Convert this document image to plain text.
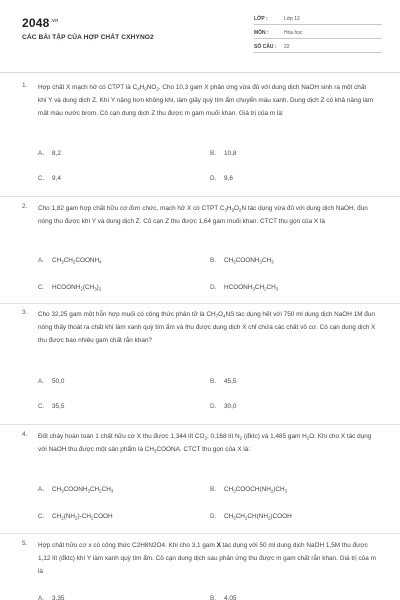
$2048^{.vn}$
CÁC BÀI TẬP CỦA HỢP CHẤT CXHYNO2
LỚP :	Lớp 12
MÔN :	Hóa học
SỐ CÂU : 22
1. Hợp chất X mạch hở có CTPT là $C_4H_9NO_2$. Cho 10,3 gam X phản ứng vừa đủ với dung dịch NaOH sinh ra một chất khí Y và dung dịch Z. Khí Y nặng hơn không khí, làm giấy quỳ tím ẩm chuyển màu xanh. Dung dịch Z có khả năng làm mất màu nước brom. Cô cạn dung dịch Z thu được m gam muối khan. Giá trị của m là:
A. 8,2	B. 10,8
C. 9,4	D. 9,6
2. Cho 1,82 gam hợp chất hữu cơ đơn chức, mạch hở X có CTPT $C_3H_9O_2N$ tác dụng vừa đủ với dung dịch NaOH, đun nóng thu được khí Y và dung dịch Z. Cô cạn Z thu được 1,64 gam muối khan. CTCT thu gọn của X là
A. $CH_3CH_2COONH_4$	B. $CH_3COONH_3CH_3$
C. $HCOONH_2(CH_3)_2$	D. $HCOONH_3CH_2CH_3$
3. Cho 32,25 gam một hỗn hợp muối có công thức phân tử là $CH_7O_4NS$ tác dụng hết với 750 ml dung dịch NaOH 1M đun nóng thấy thoát ra chất khí làm xanh quỳ tím ẩm và thu được dung dịch X chỉ chứa các chất vô cơ. Cô cạn dung dịch X thu được bao nhiêu gam chất rắn khan?
A. 50,0	B. 45,5
C. 35,5	D. 30,0
4. Đốt cháy hoàn toàn 1 chất hữu cơ X thu được 1,344 lít $CO_2$; 0,168 lít $N_2$ (đktc) và 1,485 gam $H_2O$. Khi cho X tác dụng với NaOH thu được một sản phẩm là $CH_3COONA$. CTCT thu gọn của X là:
A. $CH_3COONH_3CH_2CH_3$	B. $CH_3COOCH(NH_2)CH_3$
C. $CH_2(NH_2)-CH_2COOH$	D. $CH_3CH_2CH(NH_2)COOH$
5. Hợp chất hữu cơ x có công thức C2H8N2O4. Khi cho 3,1 gam X tác dụng với 50 ml dung dịch NaOH 1,5M thu được 1,12 lít (đktc) khí Y làm xanh quỳ tím ẩm. Cô cạn dung dịch sau phản ứng thu được m gam chất rắn khan. Giá trị của m là
A. 3,35	B. 4,05
